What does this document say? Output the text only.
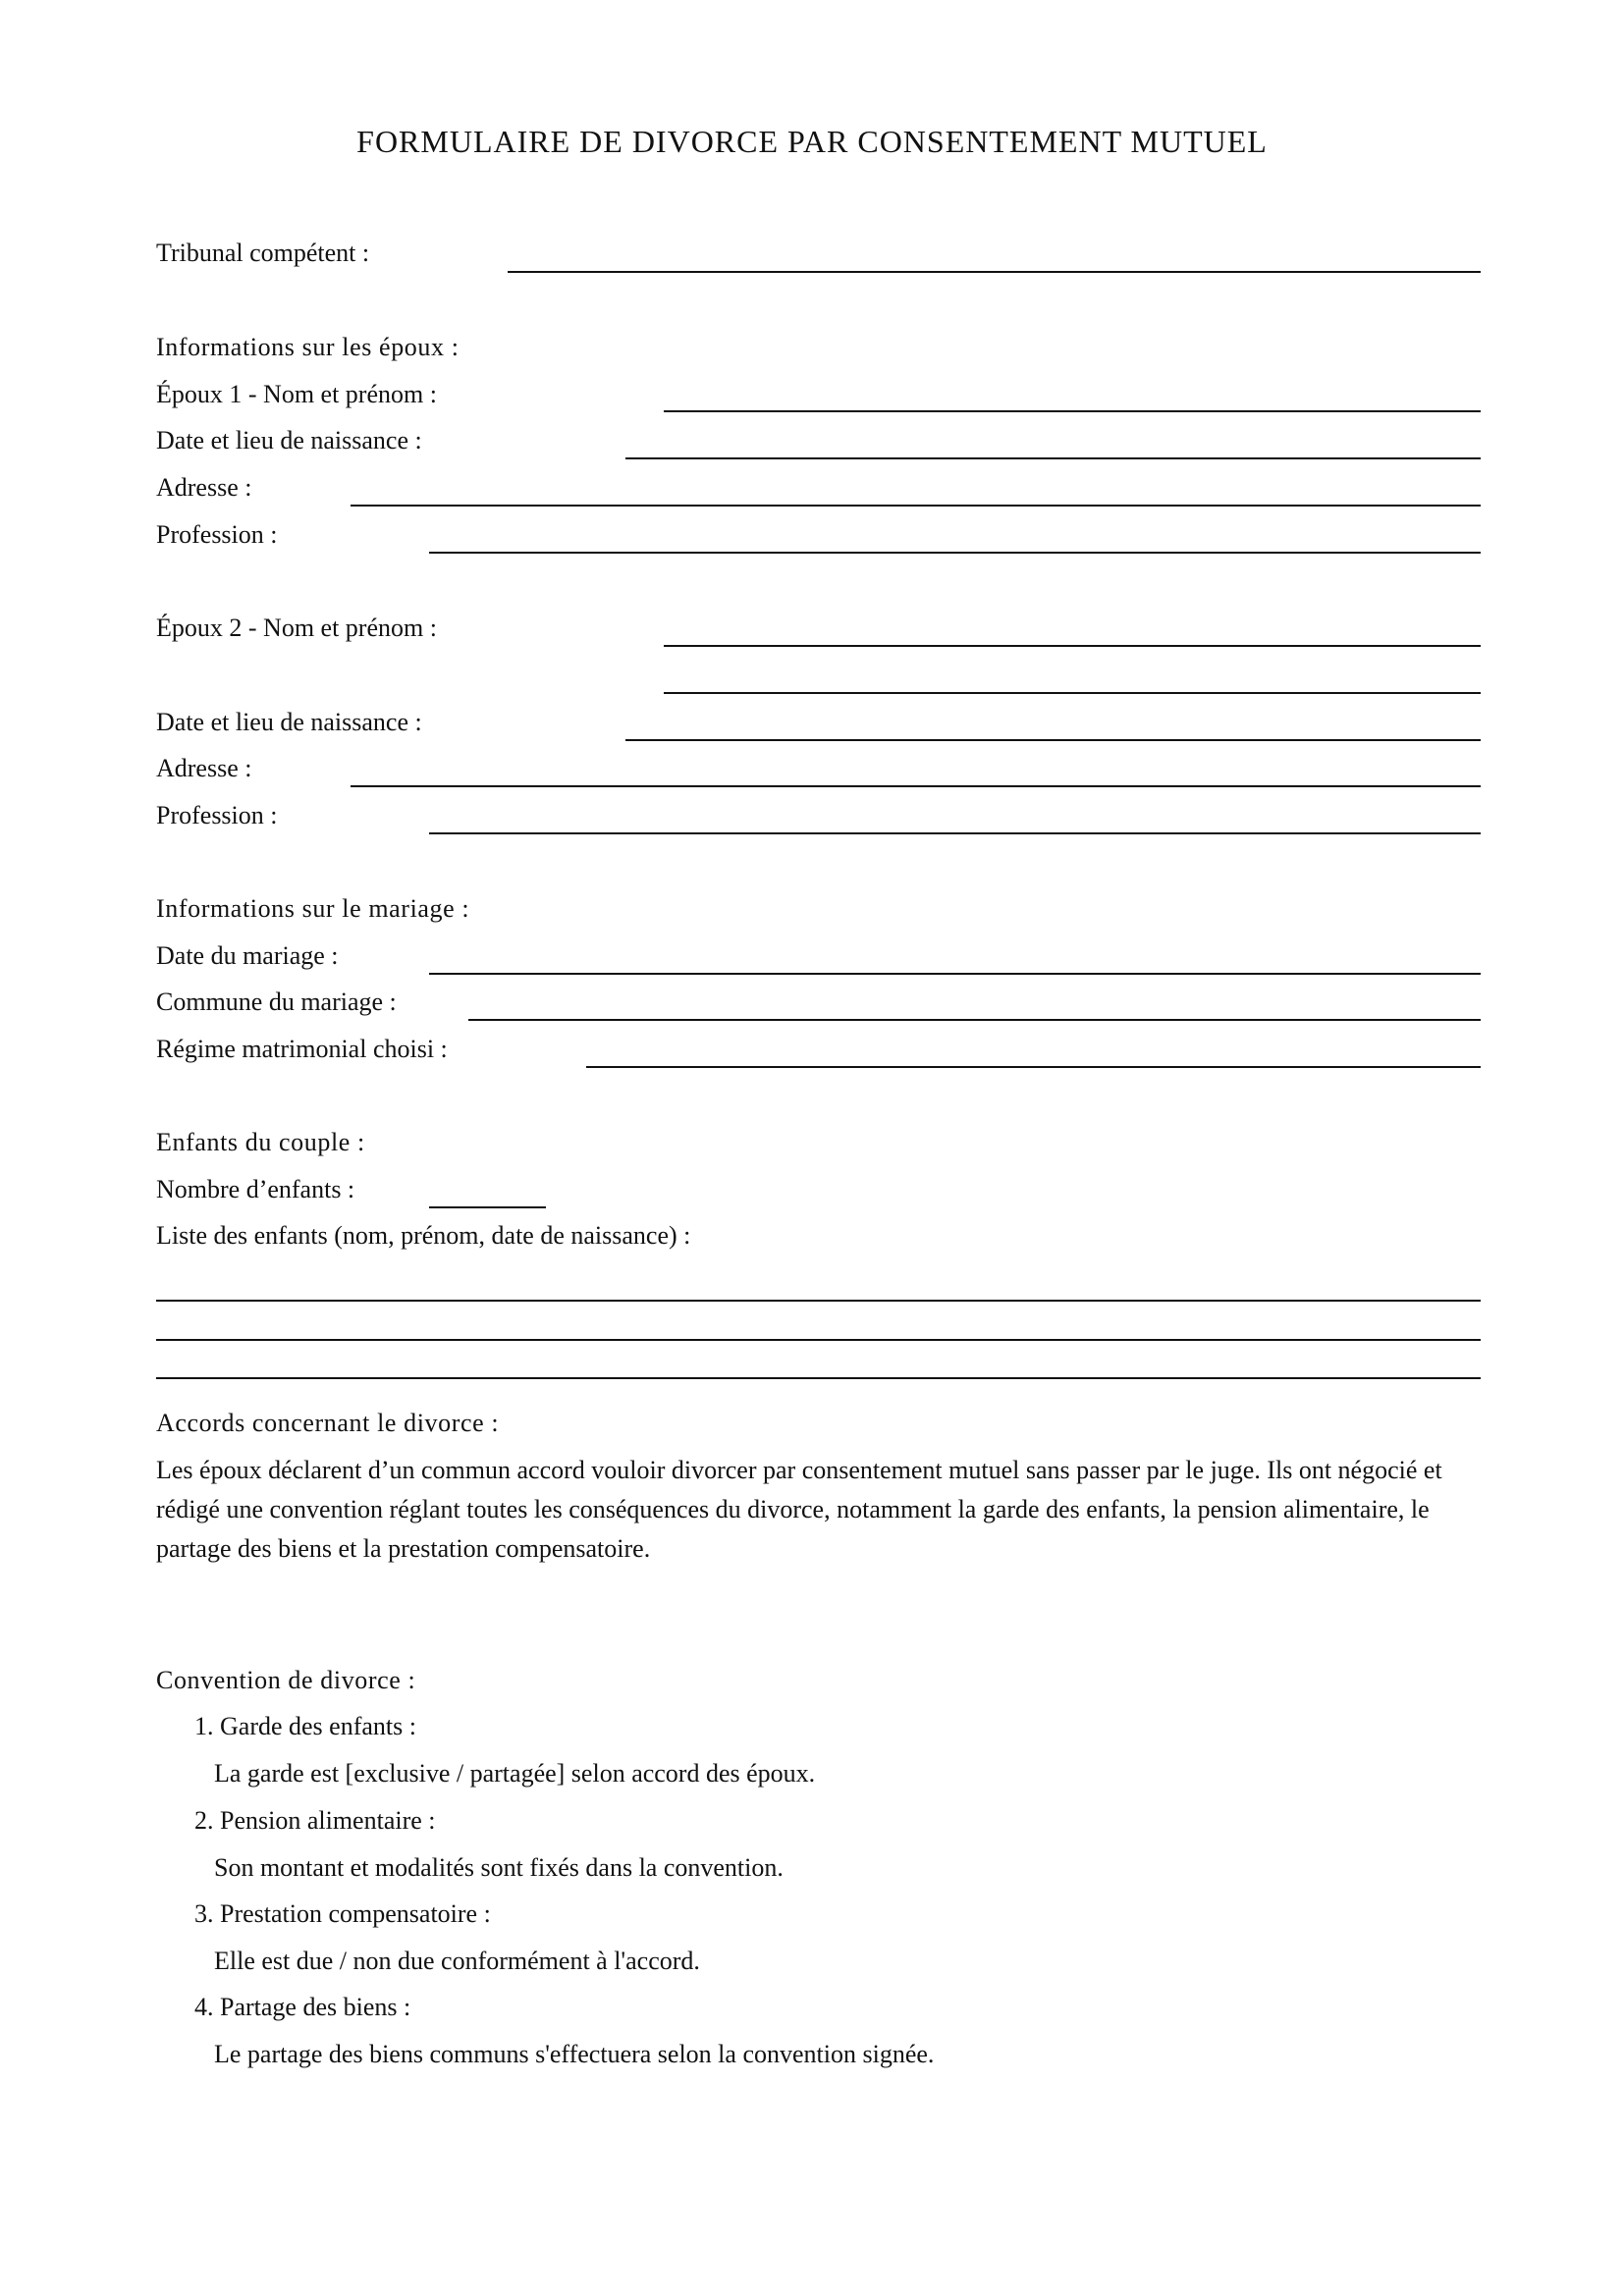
FORMULAIRE DE DIVORCE PAR CONSENTEMENT MUTUEL
Tribunal compétent :
Informations sur les époux :
Époux 1 - Nom et prénom :
Date et lieu de naissance :
Adresse :
Profession :
Époux 2 - Nom et prénom :
Date et lieu de naissance :
Adresse :
Profession :
Informations sur le mariage :
Date du mariage :
Commune du mariage :
Régime matrimonial choisi :
Enfants du couple :
Nombre d’enfants :
Liste des enfants (nom, prénom, date de naissance) :
Accords concernant le divorce :
Les époux déclarent d’un commun accord vouloir divorcer par consentement mutuel sans passer par le juge. Ils ont négocié et rédigé une convention réglant toutes les conséquences du divorce, notamment la garde des enfants, la pension alimentaire, le partage des biens et la prestation compensatoire.
Convention de divorce :
1. Garde des enfants :
La garde est [exclusive / partagée] selon accord des époux.
2. Pension alimentaire :
Son montant et modalités sont fixés dans la convention.
3. Prestation compensatoire :
Elle est due / non due conformément à l'accord.
4. Partage des biens :
Le partage des biens communs s'effectuera selon la convention signée.
